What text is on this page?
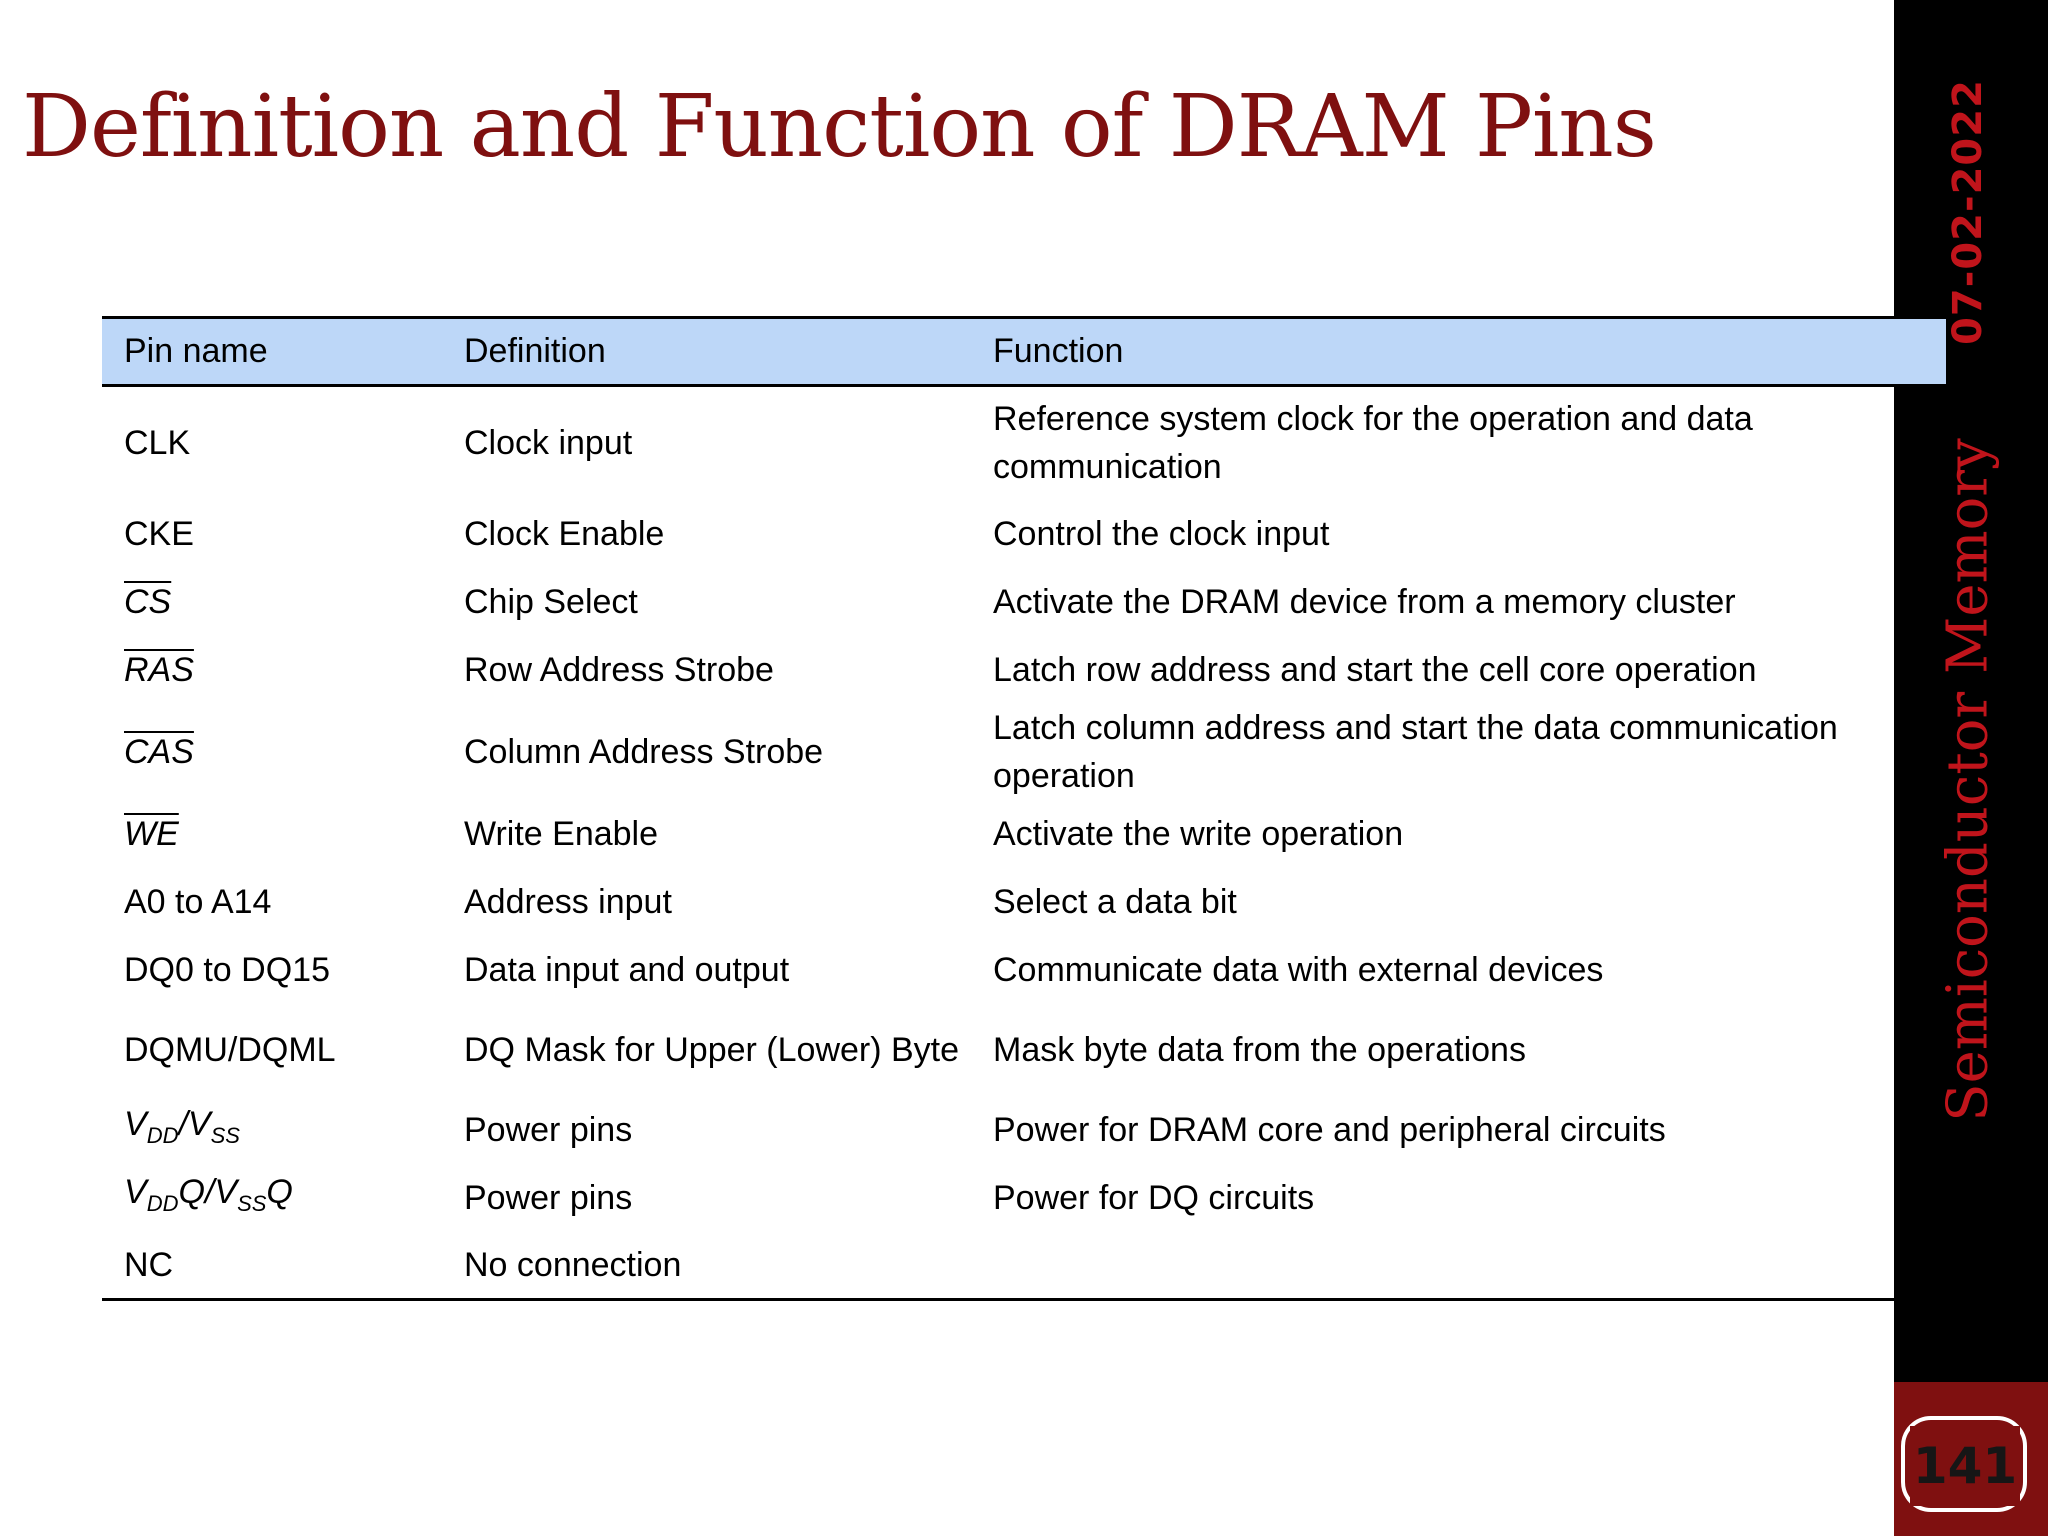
Definition and Function of DRAM Pins	07-02-2022
Semiconductor Memory
141
Pin name	Definition	Function
CLK	Clock input	Reference system clock for the operation and data communication
CKE	Clock Enable	Control the clock input
$\overline{CS}$	Chip Select	Activate the DRAM device from a memory cluster
$\overline{RAS}$	Row Address Strobe	Latch row address and start the cell core operation
$\overline{CAS}$	Column Address Strobe	Latch column address and start the data communication operation
$\overline{WE}$	Write Enable	Activate the write operation
A0 to A14	Address input	Select a data bit
DQ0 to DQ15	Data input and output	Communicate data with external devices
DQMU/DQML	DQ Mask for Upper (Lower) Byte	Mask byte data from the operations
$V_{DD}/V_{SS}$	Power pins	Power for DRAM core and peripheral circuits
$V_{DD}Q/V_{SS}Q$	Power pins	Power for DQ circuits
NC	No connection	
